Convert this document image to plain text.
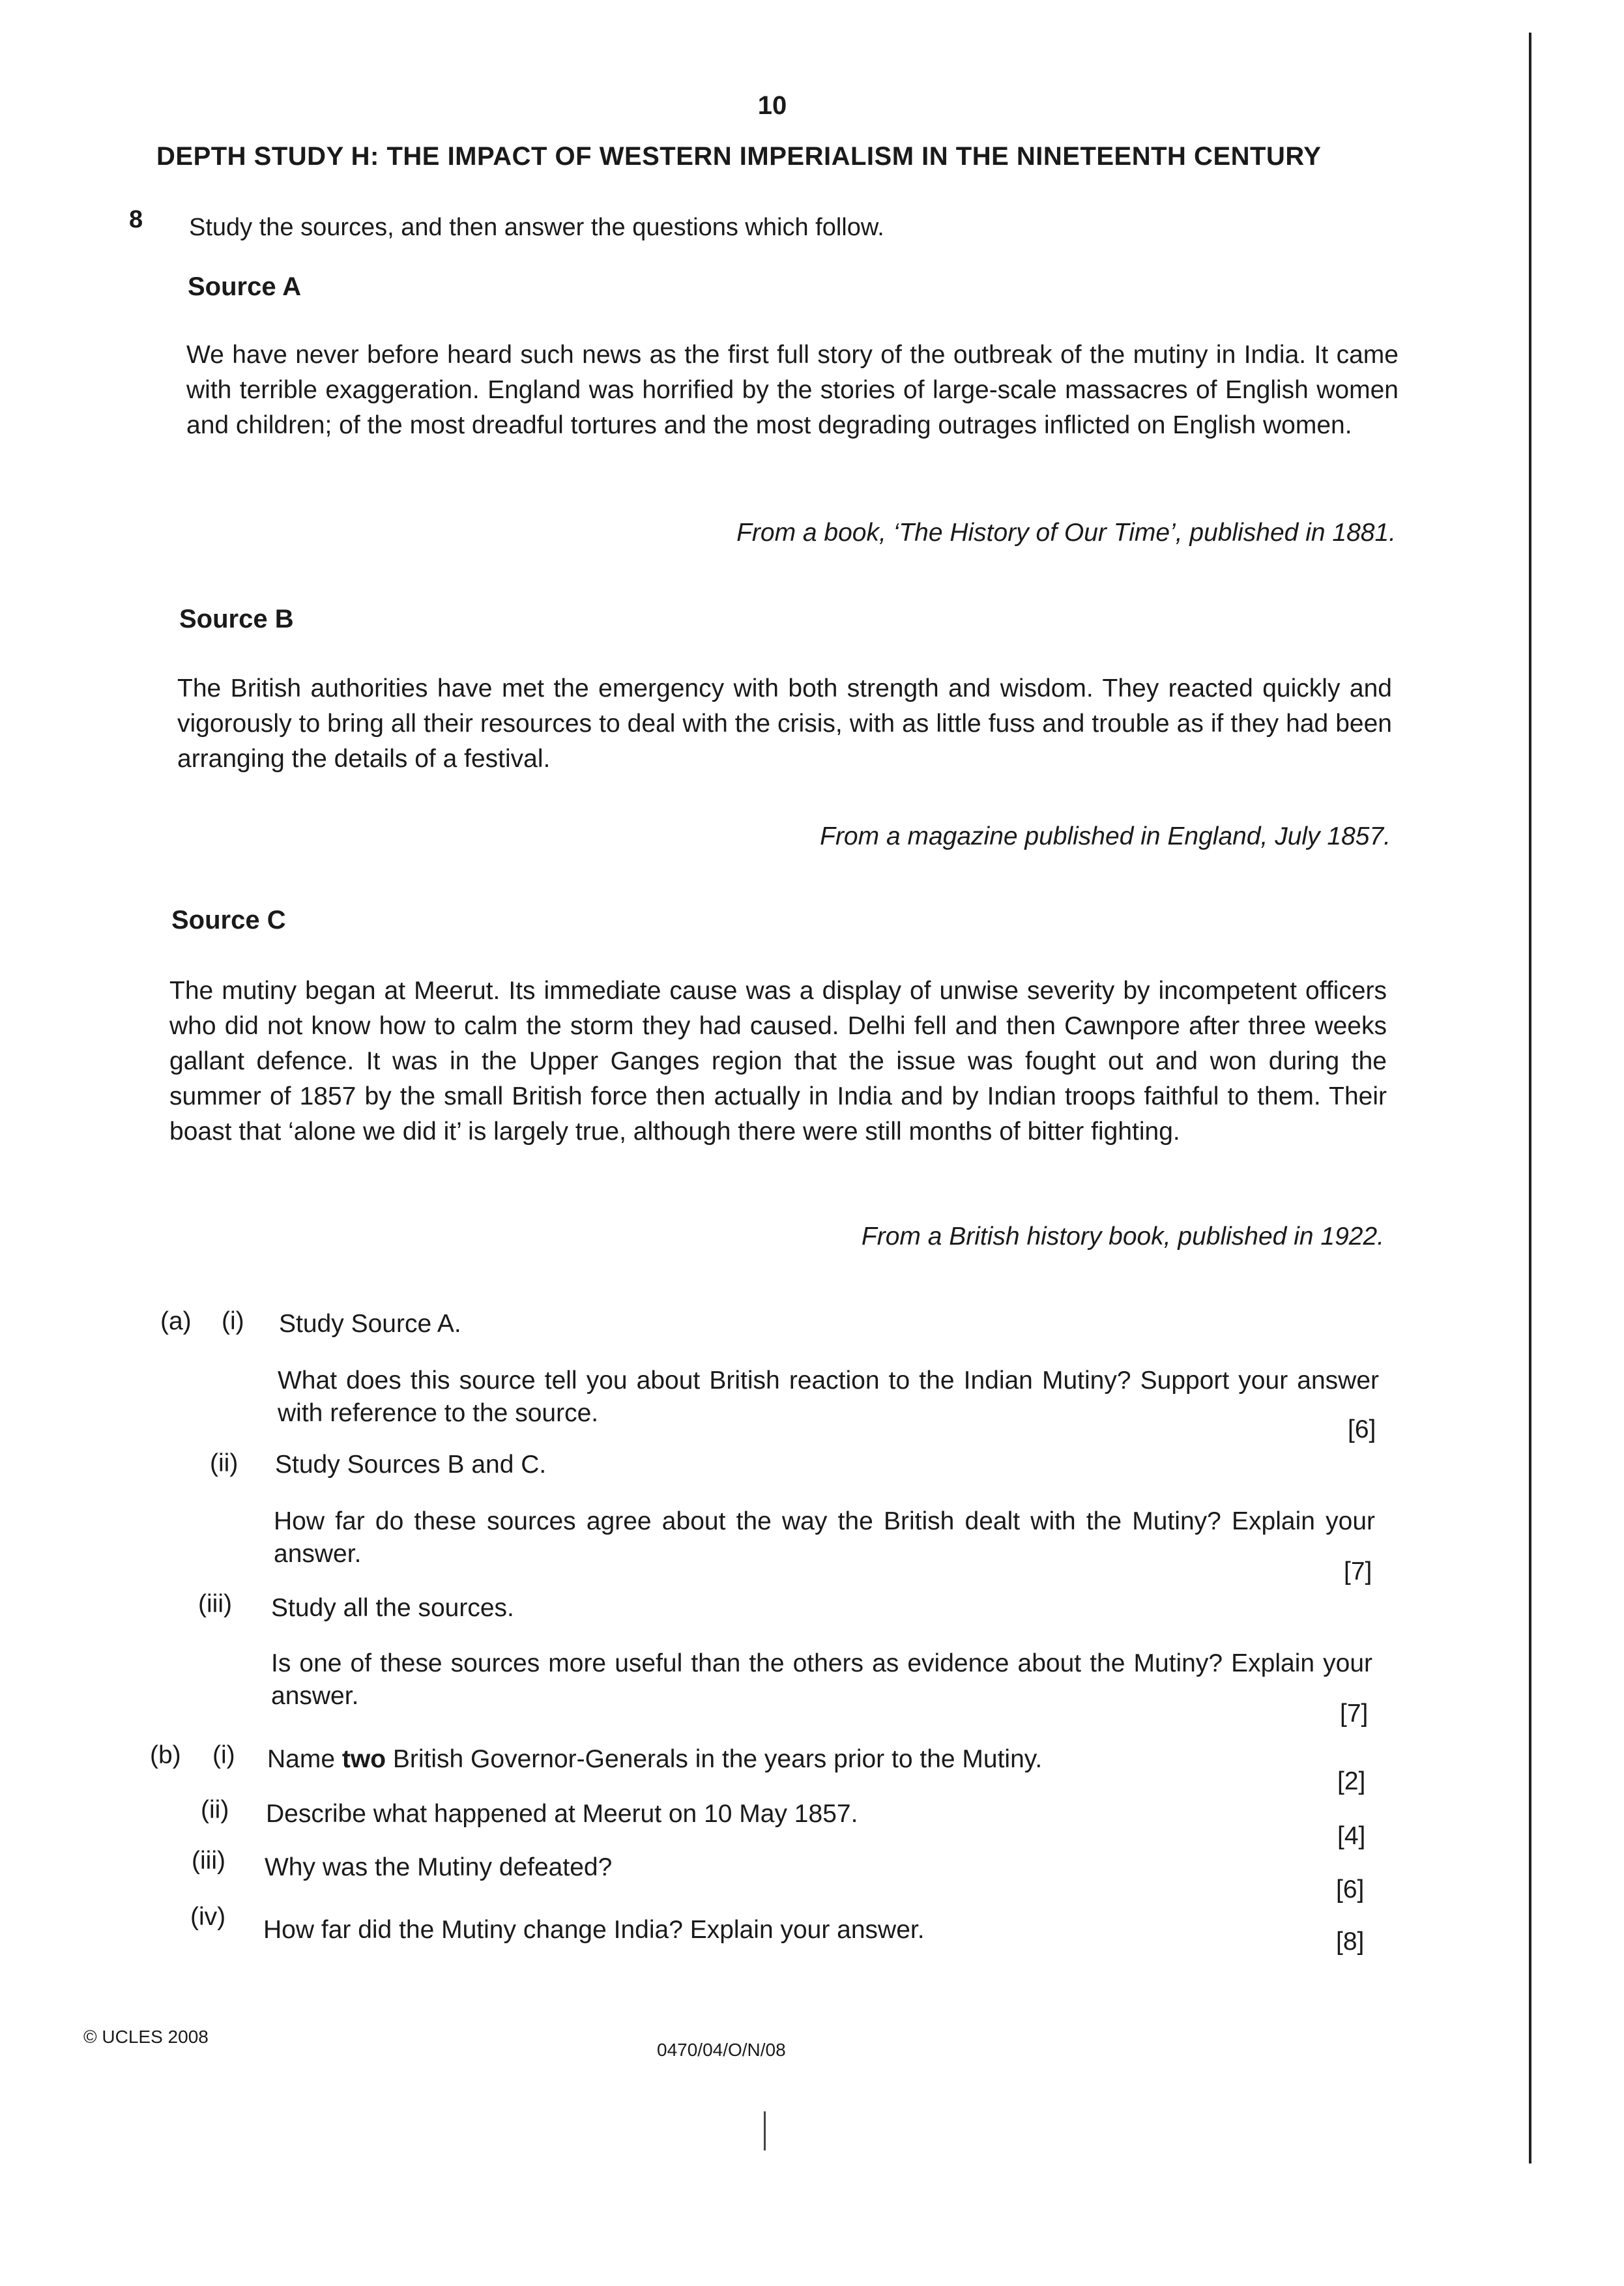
10
DEPTH STUDY H: THE IMPACT OF WESTERN IMPERIALISM IN THE NINETEENTH CENTURY
8 Study the sources, and then answer the questions which follow.
Source A
We have never before heard such news as the first full story of the outbreak of the mutiny in India. It came with terrible exaggeration. England was horrified by the stories of large-scale massacres of English women and children; of the most dreadful tortures and the most degrading outrages inflicted on English women.
From a book, ‘The History of Our Time’, published in 1881.
Source B
The British authorities have met the emergency with both strength and wisdom. They reacted quickly and vigorously to bring all their resources to deal with the crisis, with as little fuss and trouble as if they had been arranging the details of a festival.
From a magazine published in England, July 1857.
Source C
The mutiny began at Meerut. Its immediate cause was a display of unwise severity by incompetent officers who did not know how to calm the storm they had caused. Delhi fell and then Cawnpore after three weeks gallant defence. It was in the Upper Ganges region that the issue was fought out and won during the summer of 1857 by the small British force then actually in India and by Indian troops faithful to them. Their boast that ‘alone we did it’ is largely true, although there were still months of bitter fighting.
From a British history book, published in 1922.
(a) (i) Study Source A.
What does this source tell you about British reaction to the Indian Mutiny? Support your answer with reference to the source.
[6]
(ii) Study Sources B and C.
How far do these sources agree about the way the British dealt with the Mutiny? Explain your answer.
[7]
(iii) Study all the sources.
Is one of these sources more useful than the others as evidence about the Mutiny? Explain your answer.
[7]
(b) (i) Name two British Governor-Generals in the years prior to the Mutiny.
[2]
(ii) Describe what happened at Meerut on 10 May 1857.
[4]
(iii) Why was the Mutiny defeated?
[6]
(iv) How far did the Mutiny change India? Explain your answer.	[8]
© UCLES 2008
0470/04/O/N/08
